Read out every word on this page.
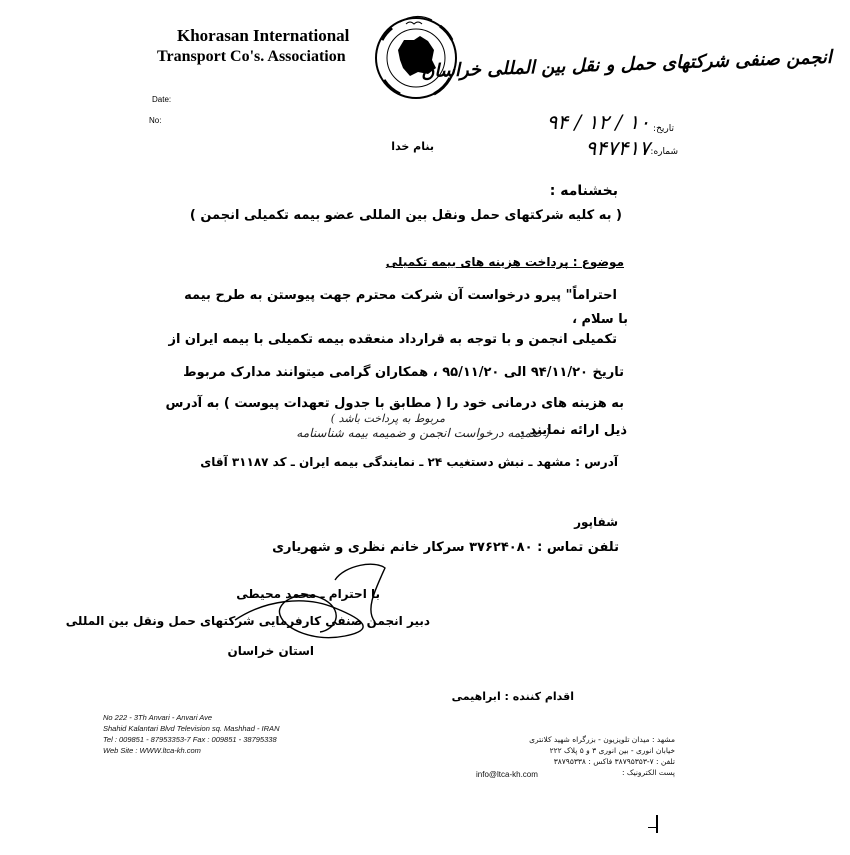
Khorasan International
Transport Co's. Association
Date:
No:
انجمن صنفی شرکتهای حمل و نقل بین المللی خراسان
تاریخ:
شماره:
۹۴ / ۱۲ / ۱۰
۹۴۷۴۱۷
بنام خدا
بخشنامه :
( به کلیه شرکتهای حمل ونقل بین المللی عضو بیمه تکمیلی انجمن )
موضوع : پرداخت هزینه های بیمه تکمیلی
با سلام ،
احتراماً" پیرو درخواست آن شرکت محترم جهت پیوستن به طرح بیمه
تکمیلی انجمن و با توجه به قرارداد منعقده بیمه تکمیلی با بیمه ایران از
تاریخ ۹۴/۱۱/۲۰ الی ۹۵/۱۱/۲۰ ، همکاران گرامی میتوانند مدارک مربوط
به هزینه های درمانی خود را ( مطابق با جدول تعهدات پیوست ) به آدرس
ذیل ارائه نمایند .
( ضمیمه درخواست انجمن و ضمیمه بیمه شناسنامه
مربوط به پرداخت باشد )
آدرس : مشهد ـ نبش دستغیب ۲۴ ـ نمایندگی بیمه ایران ـ کد ۳۱۱۸۷ آقای
شفاپور
تلفن تماس : ۳۷۶۲۴۰۸۰ سرکار خانم نظری و شهریاری
با احترام ـ محمد محیطی
دبیر انجمن صنفی کارفرمایی شرکتهای حمل ونقل بین المللی
استان خراسان
اقدام کننده : ابراهیمی
No 222 - 3Th Anvari - Anvari Ave
Shahid Kalantari Blvd Television sq. Mashhad - IRAN
Tel : 009851 - 87953353-7 Fax : 009851 - 38795338
Web Site : WWW.ltca-kh.com
مشهد : میدان تلویزیون - بزرگراه شهید کلانتری
خیابان انوری - بین انوری ۳ و ۵ پلاک ۲۲۲
تلفن : ۷-۳۸۷۹۵۳۵۳ فاکس : ۳۸۷۹۵۳۳۸
پست الکترونیک :
info@ltca-kh.com
